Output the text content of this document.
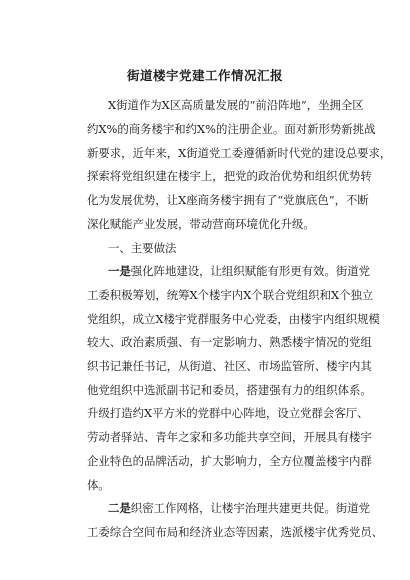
街道楼宇党建工作情况汇报
X街道作为X区高质量发展的“前沿阵地”，坐拥全区
约X%的商务楼宇和约X%的注册企业。面对新形势新挑战
新要求，近年来，X街道党工委遵循新时代党的建设总要求，
探索将党组织建在楼宇上，把党的政治优势和组织优势转
化为发展优势，让X座商务楼宇拥有了“党旗底色”，不断
深化赋能产业发展，带动营商环境优化升级。
一、主要做法
一是强化阵地建设，让组织赋能有形更有效。街道党
工委积极筹划，统筹X个楼宇内X个联合党组织和X个独立
党组织，成立X楼宇党群服务中心党委，由楼宇内组织规模
较大、政治素质强、有一定影响力、熟悉楼宇情况的党组
织书记兼任书记，从街道、社区、市场监管所、楼宇内其
他党组织中选派副书记和委员，搭建强有力的组织体系。
升级打造约X平方米的党群中心阵地，设立党群会客厅、
劳动者驿站、青年之家和多功能共享空间，开展具有楼宇
企业特色的品牌活动，扩大影响力，全方位覆盖楼宇内群
体。
二是织密工作网格，让楼宇治理共建更共促。街道党
工委综合空间布局和经济业态等因素，选派楼宇优秀党员、
